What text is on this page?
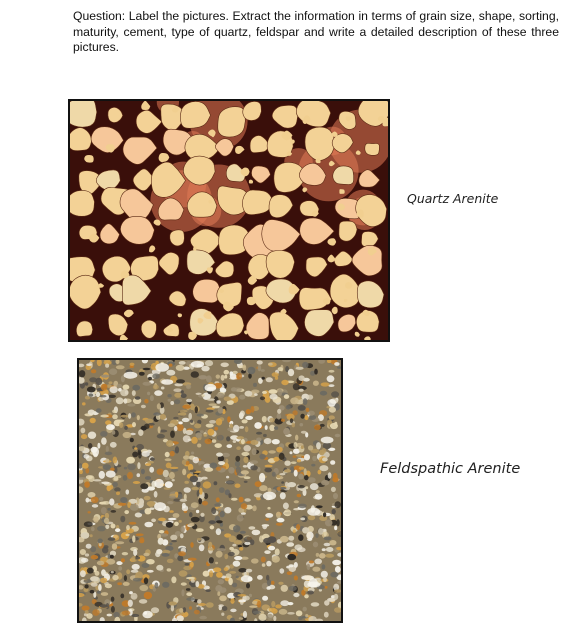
Question: Label the pictures. Extract the information in terms of grain size, shape, sorting, maturity, cement, type of quartz, feldspar and write a detailed description of these three pictures.
Quartz Arenite
Feldspathic Arenite
